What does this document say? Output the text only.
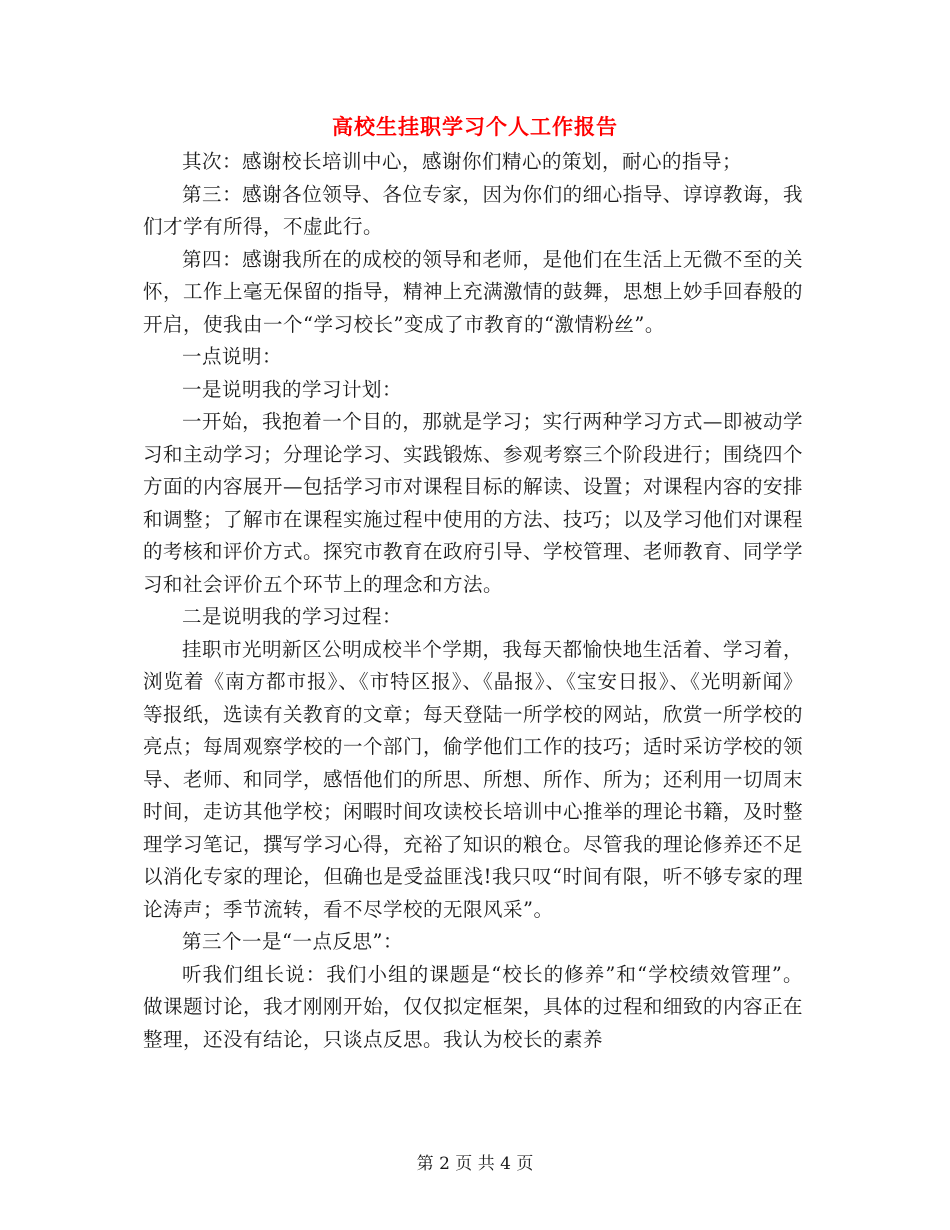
高校生挂职学习个人工作报告

其次：感谢校长培训中心，感谢你们精心的策划，耐心的指导；

第三：感谢各位领导、各位专家，因为你们的细心指导、谆谆教诲，我们才学有所得，不虚此行。

第四：感谢我所在的成校的领导和老师，是他们在生活上无微不至的关怀，工作上毫无保留的指导，精神上充满激情的鼓舞，思想上妙手回春般的开启，使我由一个“学习校长”变成了市教育的“激情粉丝”。

一点说明：

一是说明我的学习计划：

一开始，我抱着一个目的，那就是学习；实行两种学习方式—即被动学习和主动学习；分理论学习、实践锻炼、参观考察三个阶段进行；围绕四个方面的内容展开—包括学习市对课程目标的解读、设置；对课程内容的安排和调整；了解市在课程实施过程中使用的方法、技巧；以及学习他们对课程的考核和评价方式。探究市教育在政府引导、学校管理、老师教育、同学学习和社会评价五个环节上的理念和方法。

二是说明我的学习过程：

挂职市光明新区公明成校半个学期，我每天都愉快地生活着、学习着，浏览着《南方都市报》、《市特区报》、《晶报》、《宝安日报》、《光明新闻》等报纸，选读有关教育的文章；每天登陆一所学校的网站，欣赏一所学校的亮点；每周观察学校的一个部门，偷学他们工作的技巧；适时采访学校的领导、老师、和同学，感悟他们的所思、所想、所作、所为；还利用一切周末时间，走访其他学校；闲暇时间攻读校长培训中心推举的理论书籍，及时整理学习笔记，撰写学习心得，充裕了知识的粮仓。尽管我的理论修养还不足以消化专家的理论，但确也是受益匪浅!我只叹“时间有限，听不够专家的理论涛声；季节流转，看不尽学校的无限风采”。

第三个一是“一点反思”：

听我们组长说：我们小组的课题是“校长的修养”和“学校绩效管理”。做课题讨论，我才刚刚开始，仅仅拟定框架，具体的过程和细致的内容正在整理，还没有结论，只谈点反思。我认为校长的素养

第 2 页 共 4 页
